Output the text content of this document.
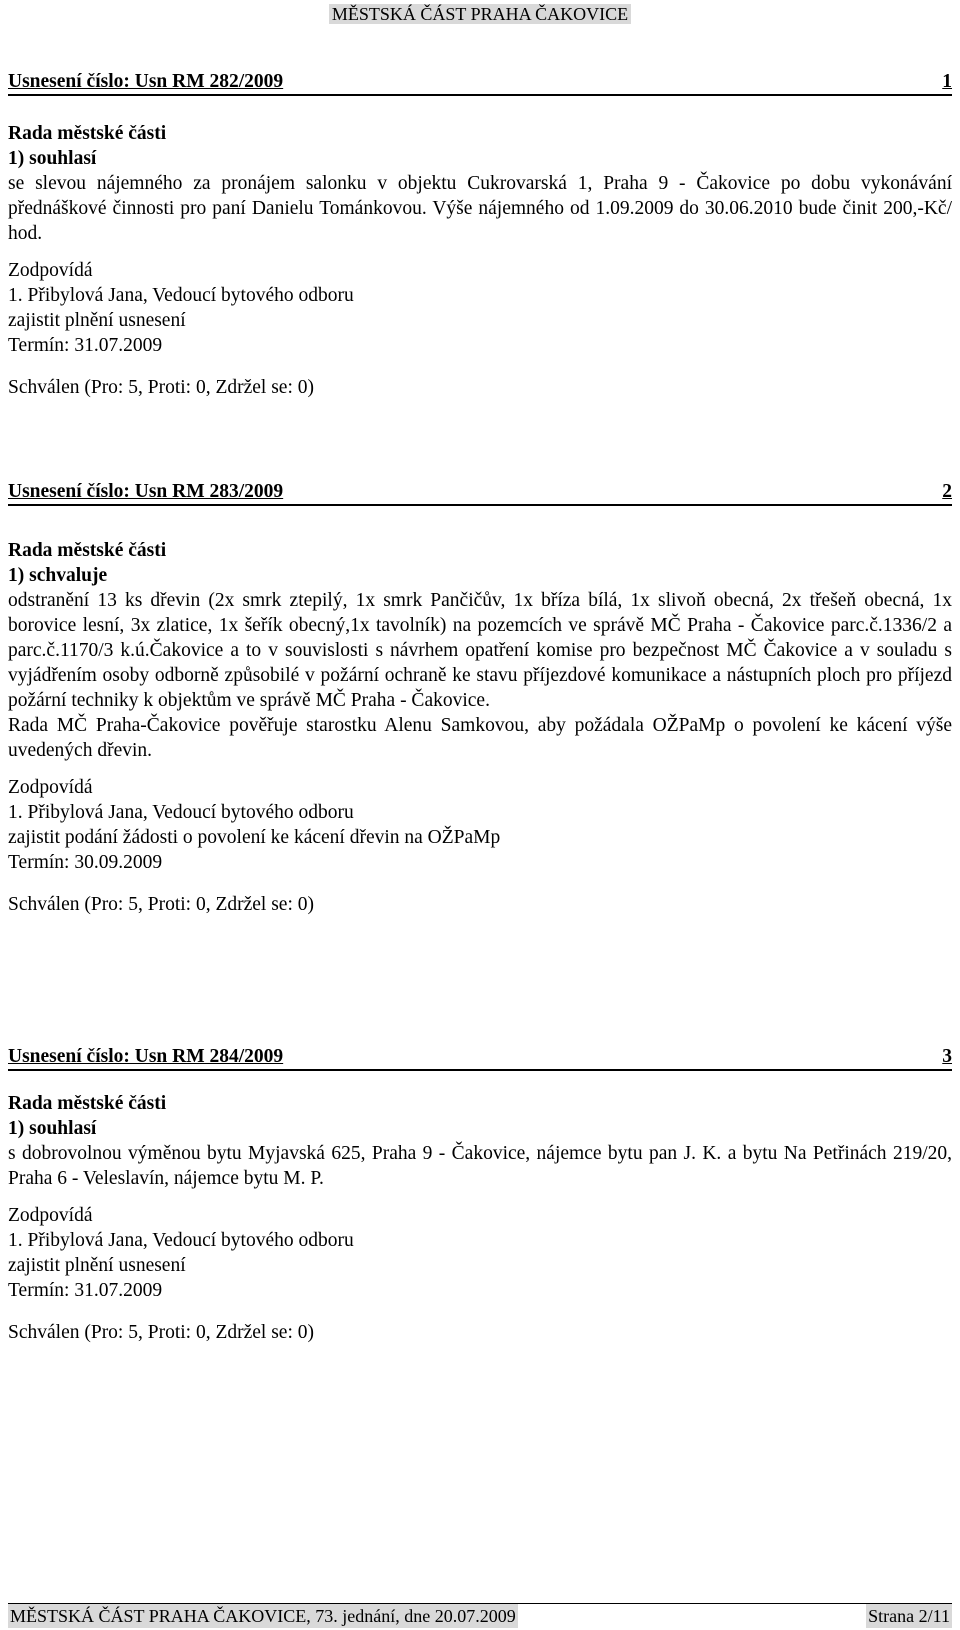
MĚSTSKÁ ČÁST PRAHA ČAKOVICE
Usnesení číslo: Usn RM 282/2009	1
Rada městské části
1) souhlasí
se slevou nájemného za pronájem salonku v objektu Cukrovarská 1, Praha 9 - Čakovice po dobu vykonávání přednáškové činnosti pro paní Danielu Tománkovou. Výše nájemného od 1.09.2009 do 30.06.2010 bude činit 200,-Kč/ hod.
Zodpovídá
1. Přibylová Jana, Vedoucí bytového odboru
zajistit plnění usnesení
Termín: 31.07.2009
Schválen (Pro: 5, Proti: 0, Zdržel se: 0)
Usnesení číslo: Usn RM 283/2009	2
Rada městské části
1) schvaluje
odstranění 13 ks dřevin (2x smrk ztepilý, 1x smrk Pančičův, 1x bříza bílá, 1x slivoň obecná, 2x třešeň obecná, 1x borovice lesní, 3x zlatice, 1x šeřík obecný,1x tavolník) na pozemcích ve správě MČ Praha - Čakovice parc.č.1336/2 a parc.č.1170/3 k.ú.Čakovice a to v souvislosti s návrhem opatření komise pro bezpečnost MČ Čakovice a v souladu s vyjádřením osoby odborně způsobilé v požární ochraně ke stavu příjezdové komunikace a nástupních ploch pro příjezd požární techniky k objektům ve správě MČ Praha - Čakovice.
Rada MČ Praha-Čakovice pověřuje starostku Alenu Samkovou, aby požádala OŽPaMp o povolení ke kácení výše uvedených dřevin.
Zodpovídá
1. Přibylová Jana, Vedoucí bytového odboru
zajistit podání žádosti o povolení ke kácení dřevin na OŽPaMp
Termín: 30.09.2009
Schválen (Pro: 5, Proti: 0, Zdržel se: 0)
Usnesení číslo: Usn RM 284/2009	3
Rada městské části
1) souhlasí
s dobrovolnou výměnou bytu Myjavská 625, Praha 9 - Čakovice, nájemce bytu pan J. K. a bytu Na Petřinách 219/20, Praha 6 - Veleslavín, nájemce bytu M. P.
Zodpovídá
1. Přibylová Jana, Vedoucí bytového odboru
zajistit plnění usnesení
Termín: 31.07.2009
Schválen (Pro: 5, Proti: 0, Zdržel se: 0)
MĚSTSKÁ ČÁST PRAHA ČAKOVICE, 73. jednání, dne 20.07.2009	Strana 2/11
